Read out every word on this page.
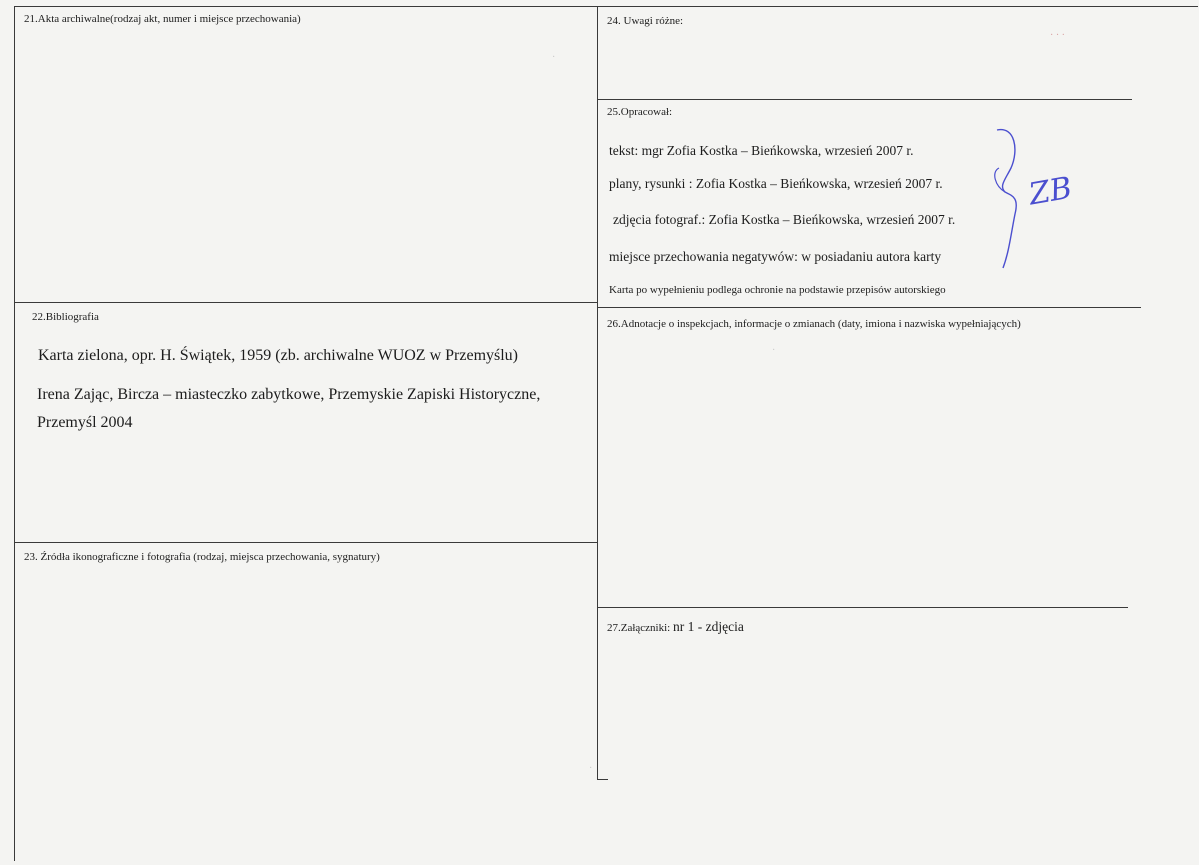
21.Akta archiwalne(rodzaj akt, numer i miejsce przechowania)	24. Uwagi różne:
25.Opracował:
tekst: mgr Zofia Kostka – Bieńkowska, wrzesień 2007 r.
plany, rysunki : Zofia Kostka – Bieńkowska, wrzesień 2007 r.
zdjęcia fotograf.: Zofia Kostka – Bieńkowska, wrzesień 2007 r.
miejsce przechowania negatywów: w posiadaniu autora karty
Karta po wypełnieniu podlega ochronie na podstawie przepisów autorskiego
ZB
22.Bibliografia
Karta zielona, opr. H. Świątek, 1959 (zb. archiwalne WUOZ w Przemyślu)
Irena Zając, Bircza – miasteczko zabytkowe, Przemyskie Zapiski Historyczne,
Przemyśl 2004
26.Adnotacje o inspekcjach, informacje o zmianach (daty, imiona i nazwiska wypełniających)
23. Źródła ikonograficzne i fotografia (rodzaj, miejsca przechowania, sygnatury)
27.Załączniki: nr 1 - zdjęcia
· · ·
·
·
·
